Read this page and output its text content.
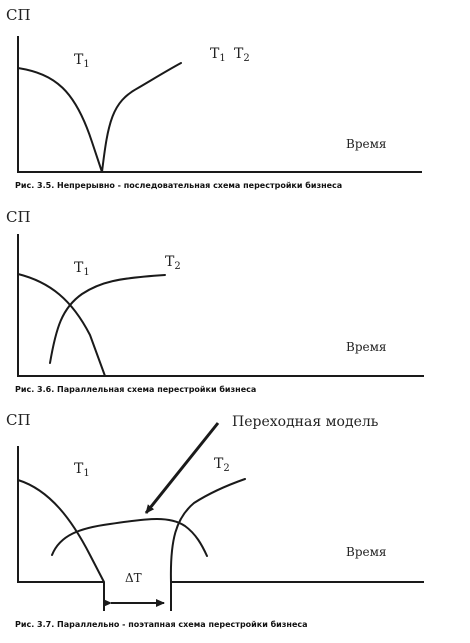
СП
Время
$T_1$
$T_1$ $T_2$
Рис. 3.5. Непрерывно - последовательная схема перестройки бизнеса
СП
Время
$T_1$
$T_2$
Рис. 3.6. Параллельная схема перестройки бизнеса
СП
Время
$T_1$
$T_2$
Переходная модель
ΔT
Рис. 3.7. Параллельно - поэтапная схема перестройки бизнеса
